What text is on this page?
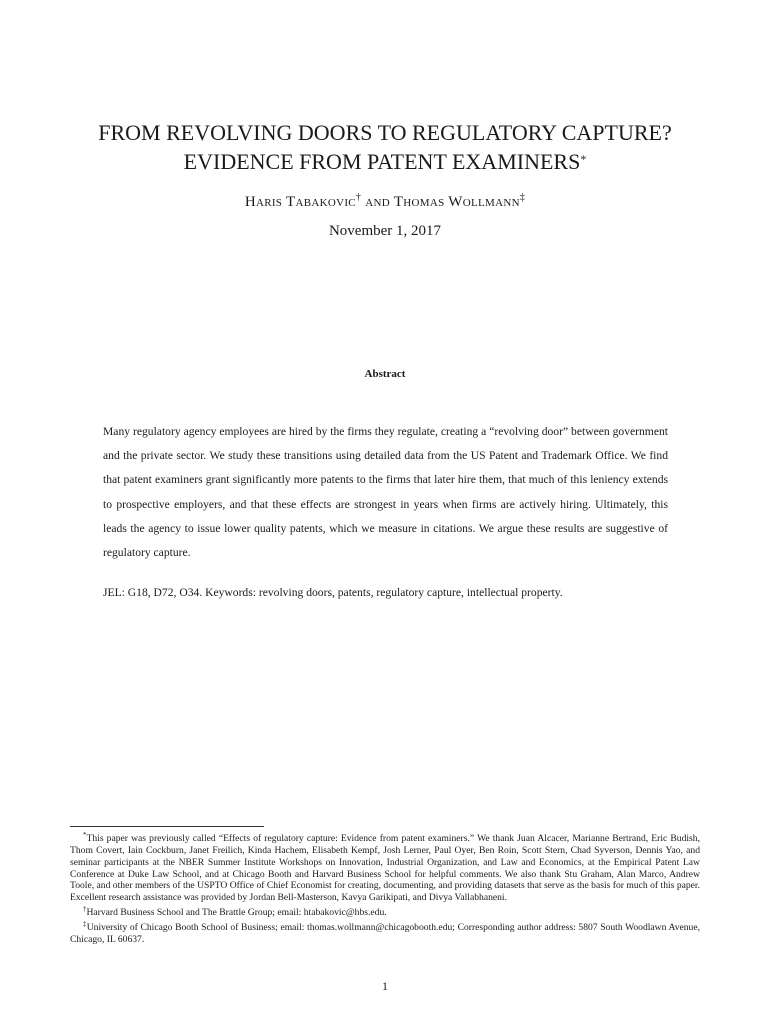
FROM REVOLVING DOORS TO REGULATORY CAPTURE?
EVIDENCE FROM PATENT EXAMINERS*
Haris Tabakovic† and Thomas Wollmann‡
November 1, 2017
Abstract
Many regulatory agency employees are hired by the firms they regulate, creating a “revolving door” between government and the private sector. We study these transitions using detailed data from the US Patent and Trademark Office. We find that patent examiners grant significantly more patents to the firms that later hire them, that much of this leniency extends to prospective employers, and that these effects are strongest in years when firms are actively hiring. Ultimately, this leads the agency to issue lower quality patents, which we measure in citations. We argue these results are suggestive of regulatory capture.
JEL: G18, D72, O34. Keywords: revolving doors, patents, regulatory capture, intellectual property.

*This paper was previously called “Effects of regulatory capture: Evidence from patent examiners.” We thank Juan Alcacer, Marianne Bertrand, Eric Budish, Thom Covert, Iain Cockburn, Janet Freilich, Kinda Hachem, Elisabeth Kempf, Josh Lerner, Paul Oyer, Ben Roin, Scott Stern, Chad Syverson, Dennis Yao, and seminar participants at the NBER Summer Institute Workshops on Innovation, Industrial Organization, and Law and Economics, at the Empirical Patent Law Conference at Duke Law School, and at Chicago Booth and Harvard Business School for helpful comments. We also thank Stu Graham, Alan Marco, Andrew Toole, and other members of the USPTO Office of Chief Economist for creating, documenting, and providing datasets that serve as the basis for much of this paper. Excellent research assistance was provided by Jordan Bell-Masterson, Kavya Garikipati, and Divya Vallabhaneni.

†Harvard Business School and The Brattle Group; email: htabakovic@hbs.edu.

‡University of Chicago Booth School of Business; email: thomas.wollmann@chicagobooth.edu; Corresponding author address: 5807 South Woodlawn Avenue, Chicago, IL 60637.

1
